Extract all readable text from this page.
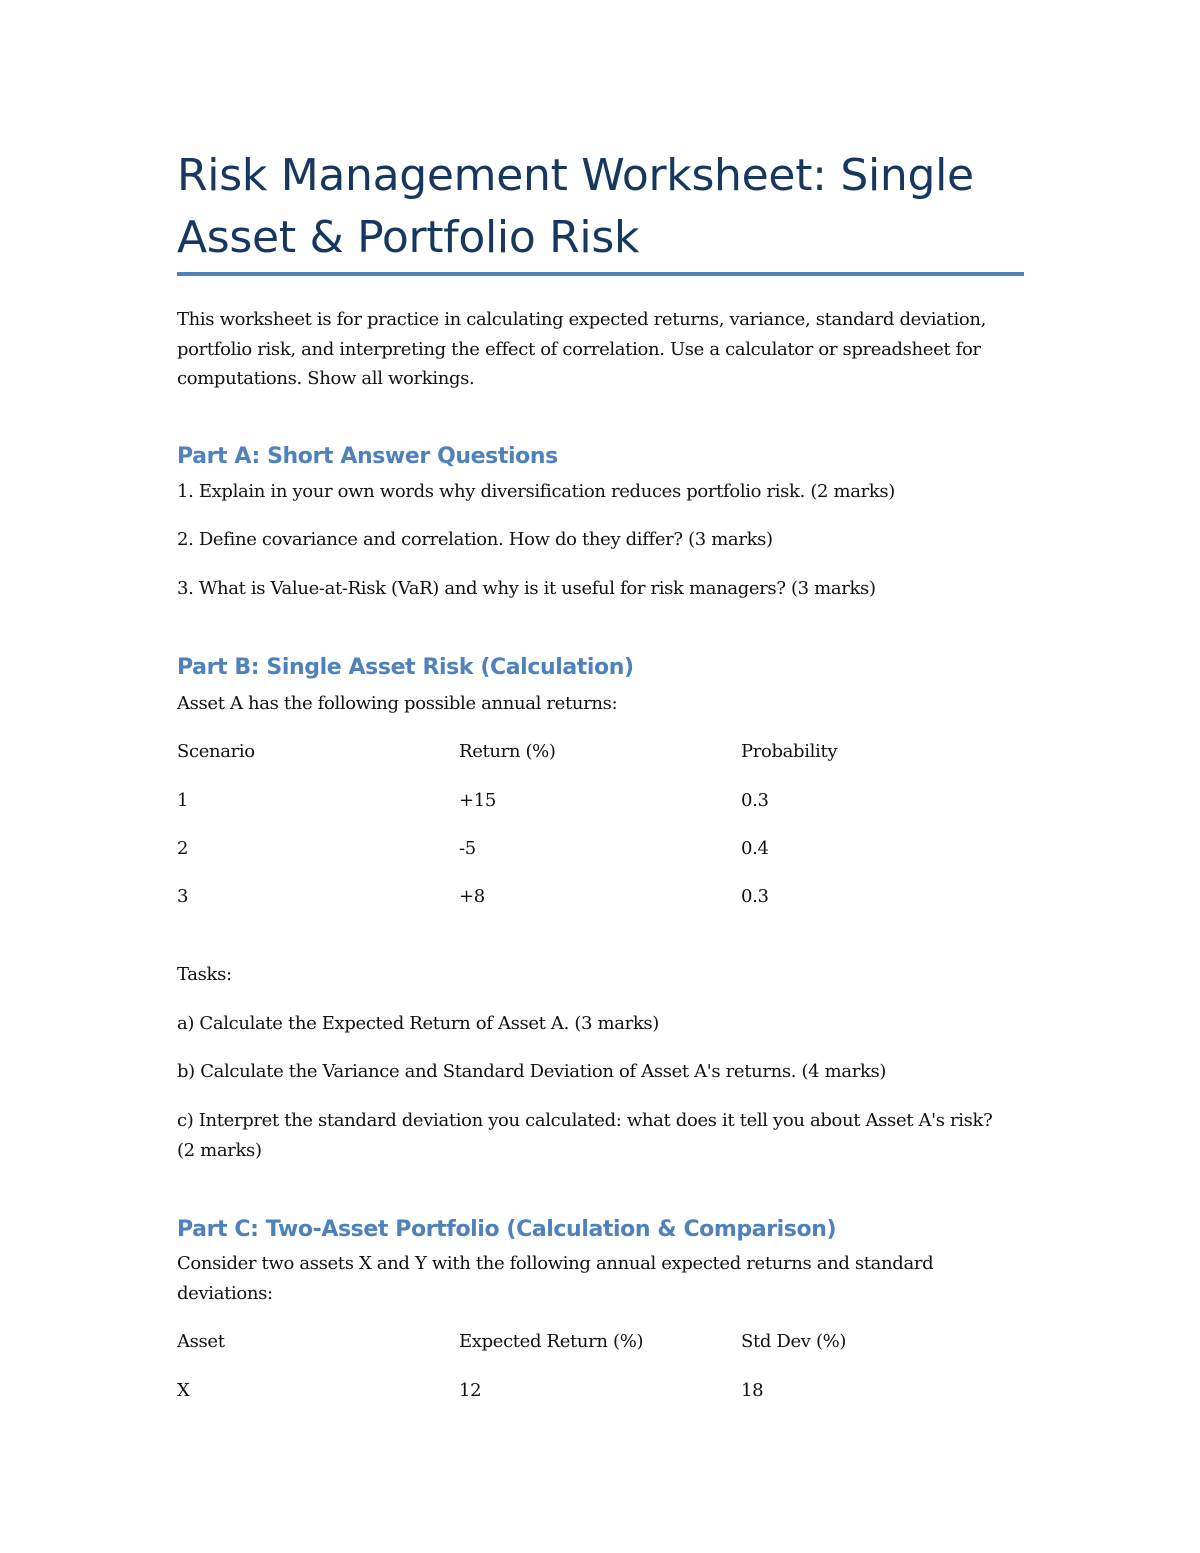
Risk Management Worksheet: Single Asset & Portfolio Risk

This worksheet is for practice in calculating expected returns, variance, standard deviation, portfolio risk, and interpreting the effect of correlation. Use a calculator or spreadsheet for computations. Show all workings.

Part A: Short Answer Questions

1. Explain in your own words why diversification reduces portfolio risk. (2 marks)

2. Define covariance and correlation. How do they differ? (3 marks)

3. What is Value-at-Risk (VaR) and why is it useful for risk managers? (3 marks)

Part B: Single Asset Risk (Calculation)

Asset A has the following possible annual returns:

Scenario	Return (%)	Probability
1	+15	0.3
2	-5	0.4
3	+8	0.3

Tasks:

a) Calculate the Expected Return of Asset A. (3 marks)

b) Calculate the Variance and Standard Deviation of Asset A's returns. (4 marks)

c) Interpret the standard deviation you calculated: what does it tell you about Asset A's risk? (2 marks)

Part C: Two-Asset Portfolio (Calculation & Comparison)

Consider two assets X and Y with the following annual expected returns and standard deviations:

Asset	Expected Return (%)	Std Dev (%)
X	12	18
